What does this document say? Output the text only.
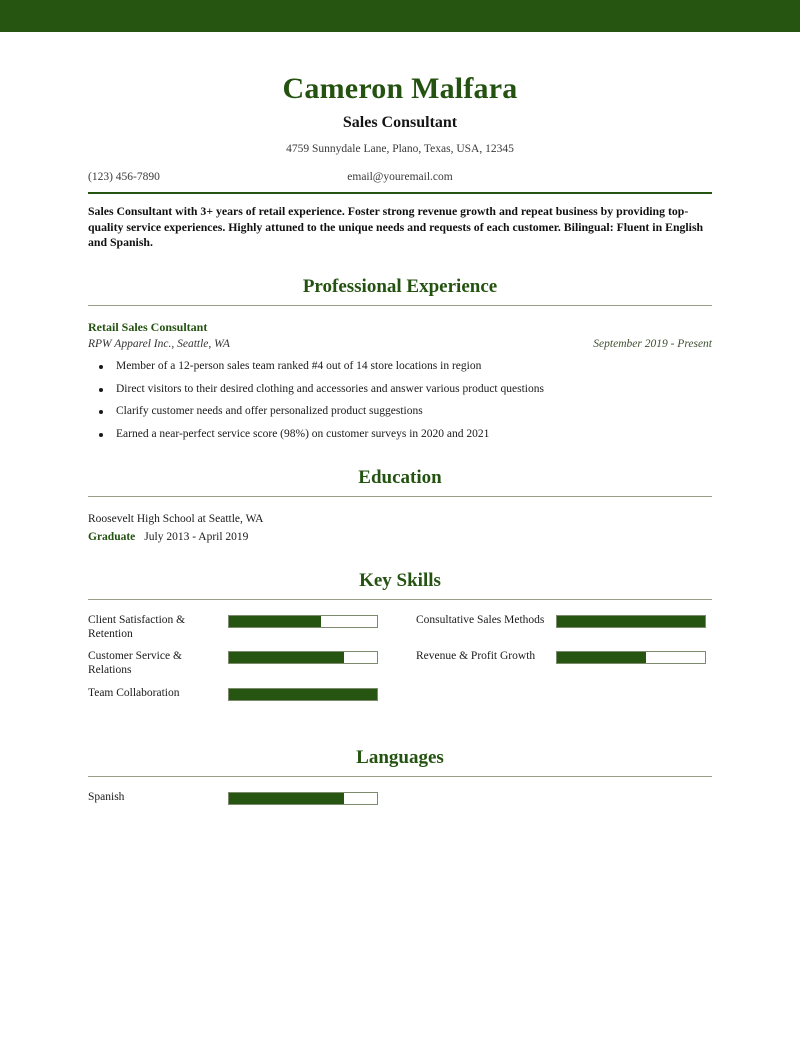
Cameron Malfara
Sales Consultant
4759 Sunnydale Lane, Plano, Texas, USA, 12345
(123) 456-7890	email@youremail.com
Sales Consultant with 3+ years of retail experience. Foster strong revenue growth and repeat business by providing top-quality service experiences. Highly attuned to the unique needs and requests of each customer. Bilingual: Fluent in English and Spanish.
Professional Experience
Retail Sales Consultant
RPW Apparel Inc., Seattle, WA	September 2019 - Present
Member of a 12-person sales team ranked #4 out of 14 store locations in region
Direct visitors to their desired clothing and accessories and answer various product questions
Clarify customer needs and offer personalized product suggestions
Earned a near-perfect service score (98%) on customer surveys in 2020 and 2021
Education
Roosevelt High School at Seattle, WA
Graduate July 2013 - April 2019
Key Skills
Client Satisfaction & Retention
Consultative Sales Methods
Customer Service & Relations
Revenue & Profit Growth
Team Collaboration
Languages
Spanish
